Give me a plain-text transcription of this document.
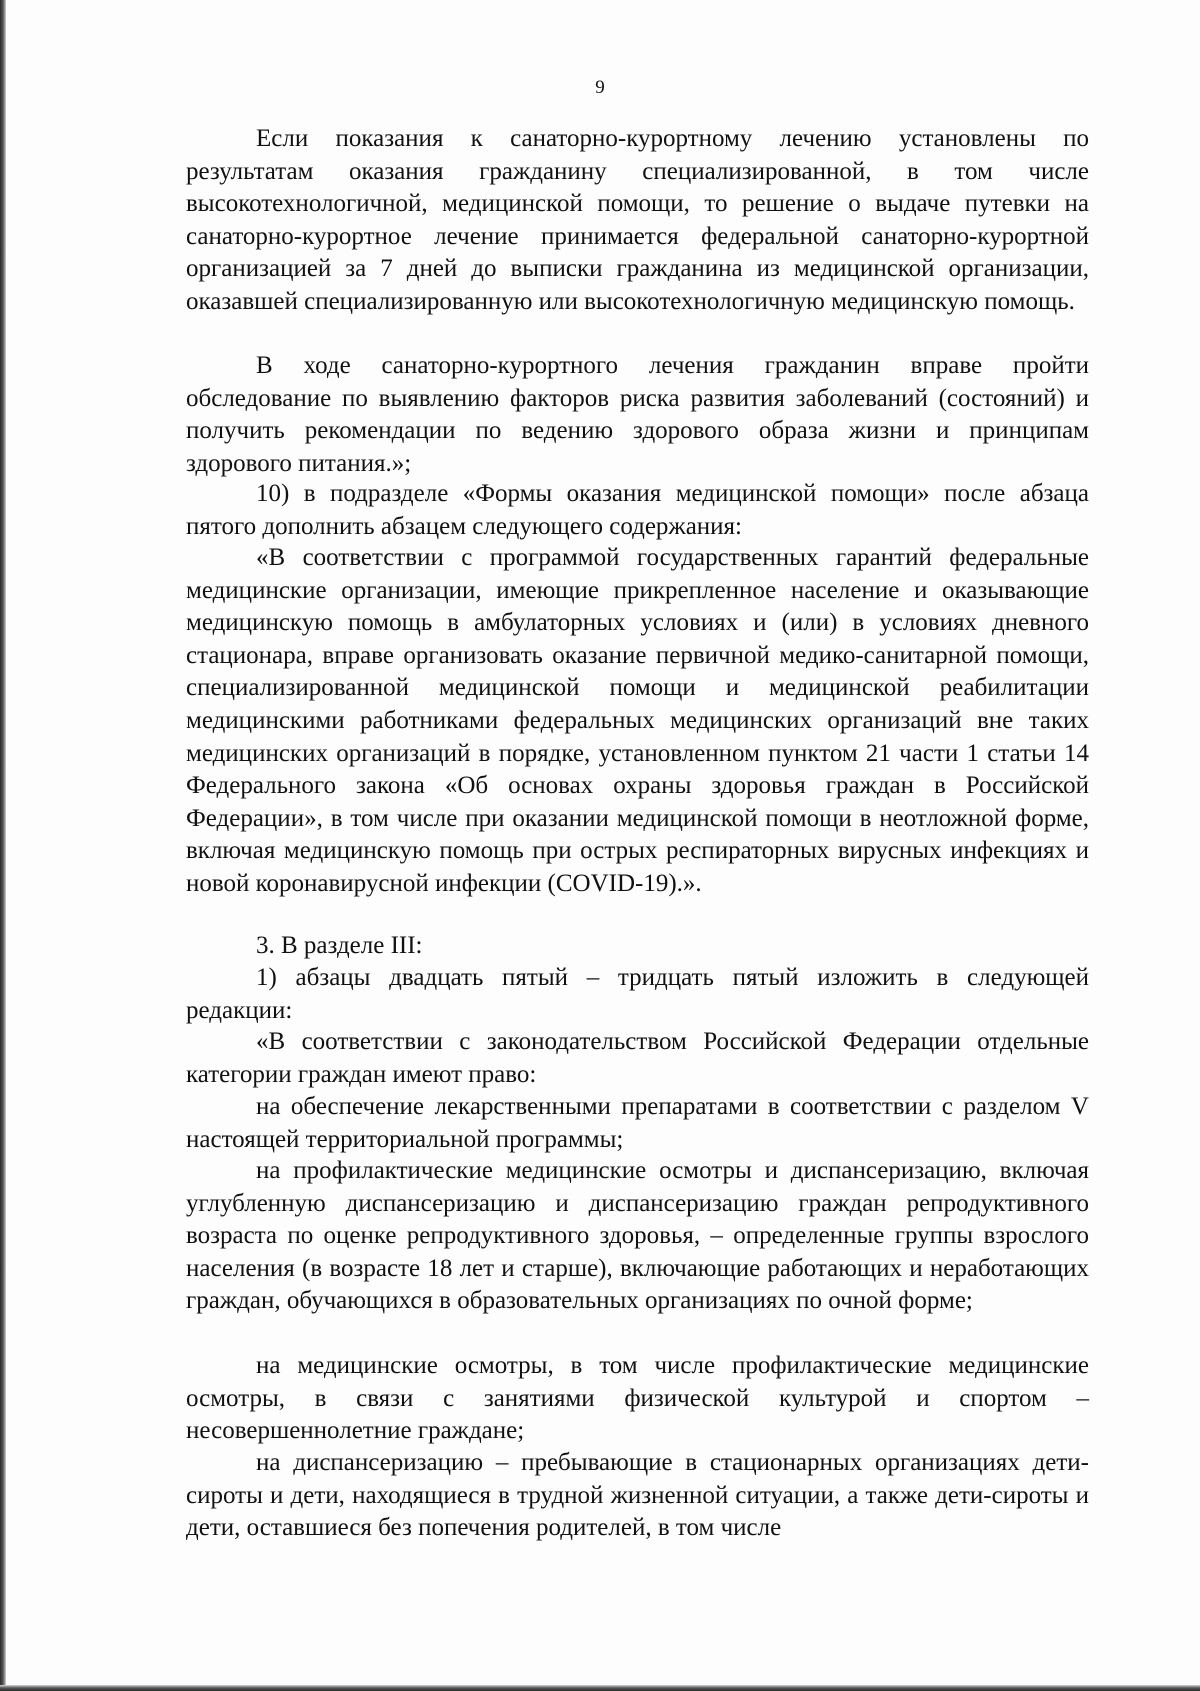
9

Если показания к санаторно-курортному лечению установлены по результатам оказания гражданину специализированной, в том числе высокотехнологичной, медицинской помощи, то решение о выдаче путевки на санаторно-курортное лечение принимается федеральной санаторно-курортной организацией за 7 дней до выписки гражданина из медицинской организации, оказавшей специализированную или высокотехнологичную медицинскую помощь.

В ходе санаторно-курортного лечения гражданин вправе пройти обследование по выявлению факторов риска развития заболеваний (состояний) и получить рекомендации по ведению здорового образа жизни и принципам здорового питания.»;

10) в подразделе «Формы оказания медицинской помощи» после абзаца пятого дополнить абзацем следующего содержания:

«В соответствии с программой государственных гарантий федеральные медицинские организации, имеющие прикрепленное население и оказывающие медицинскую помощь в амбулаторных условиях и (или) в условиях дневного стационара, вправе организовать оказание первичной медико-санитарной помощи, специализированной медицинской помощи и медицинской реабилитации медицинскими работниками федеральных медицинских организаций вне таких медицинских организаций в порядке, установленном пунктом 21 части 1 статьи 14 Федерального закона «Об основах охраны здоровья граждан в Российской Федерации», в том числе при оказании медицинской помощи в неотложной форме, включая медицинскую помощь при острых респираторных вирусных инфекциях и новой коронавирусной инфекции (COVID-19).».

3. В разделе III:

1) абзацы двадцать пятый – тридцать пятый изложить в следующей редакции:

«В соответствии с законодательством Российской Федерации отдельные категории граждан имеют право:

на обеспечение лекарственными препаратами в соответствии с разделом V настоящей территориальной программы;

на профилактические медицинские осмотры и диспансеризацию, включая углубленную диспансеризацию и диспансеризацию граждан репродуктивного возраста по оценке репродуктивного здоровья, – определенные группы взрослого населения (в возрасте 18 лет и старше), включающие работающих и неработающих граждан, обучающихся в образовательных организациях по очной форме;

на медицинские осмотры, в том числе профилактические медицинские осмотры, в связи с занятиями физической культурой и спортом – несовершеннолетние граждане;

на диспансеризацию – пребывающие в стационарных организациях дети-сироты и дети, находящиеся в трудной жизненной ситуации, а также дети-сироты и дети, оставшиеся без попечения родителей, в том числе
